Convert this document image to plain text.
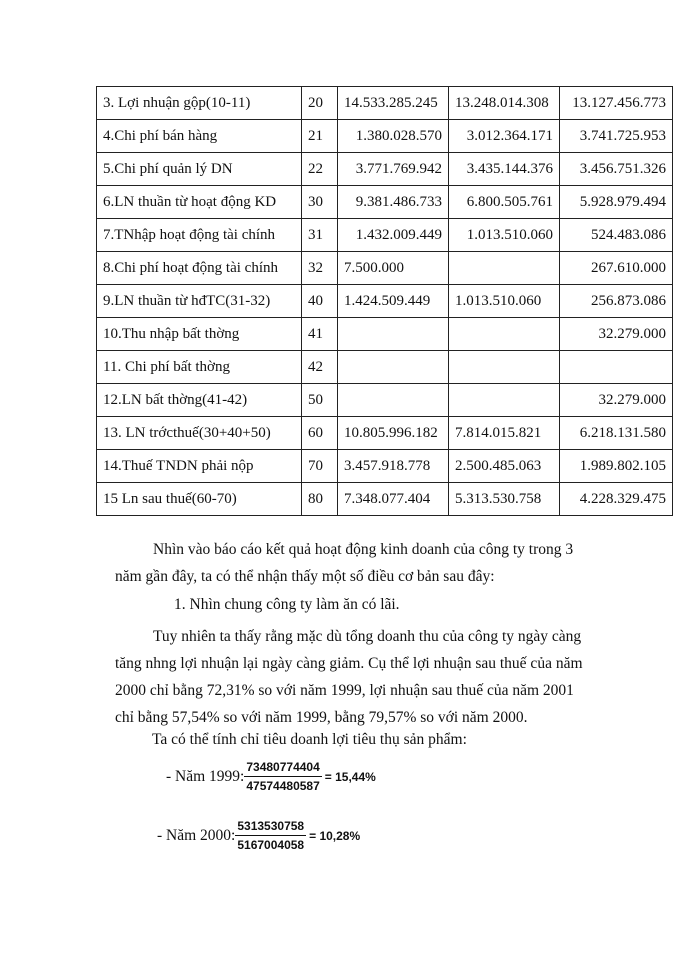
3. Lợi nhuận gộp(10-11)	20	14.533.285.245	13.248.014.308	13.127.456.773
4.Chi phí bán hàng	21	1.380.028.570	3.012.364.171	3.741.725.953
5.Chi phí quản lý DN	22	3.771.769.942	3.435.144.376	3.456.751.326
6.LN thuần từ hoạt động KD	30	9.381.486.733	6.800.505.761	5.928.979.494
7.TNhập hoạt động tài chính	31	1.432.009.449	1.013.510.060	524.483.086
8.Chi phí hoạt động tài chính	32	7.500.000		267.610.000
9.LN thuần từ hđTC(31-32)	40	1.424.509.449	1.013.510.060	256.873.086
10.Thu nhập bất thờng	41			32.279.000
11. Chi phí bất thờng	42			
12.LN bất thờng(41-42)	50			32.279.000
13. LN trớcthuế(30+40+50)	60	10.805.996.182	7.814.015.821	6.218.131.580
14.Thuế TNDN phải nộp	70	3.457.918.778	2.500.485.063	1.989.802.105
15 Ln sau thuế(60-70)	80	7.348.077.404	5.313.530.758	4.228.329.475
Nhìn vào báo cáo kết quả hoạt động kinh doanh của công ty trong 3 năm gần đây, ta có thể nhận thấy một số điều cơ bản sau đây:
1. Nhìn chung công ty làm ăn có lãi.
Tuy nhiên ta thấy rằng mặc dù tổng doanh thu của công ty ngày càng tăng nhng lợi nhuận lại ngày càng giảm. Cụ thể lợi nhuận sau thuế của năm 2000 chỉ bằng 72,31% so với năm 1999, lợi nhuận sau thuế của năm 2001 chỉ bằng 57,54% so với năm 1999, bằng 79,57% so với năm 2000.
Ta có thể tính chỉ tiêu doanh lợi tiêu thụ sản phẩm:
- Năm 1999: $\frac{73480774404}{47574480587} = 15,44\%$
- Năm 2000: $\frac{5313530758}{5167004058} = 10,28\%$
